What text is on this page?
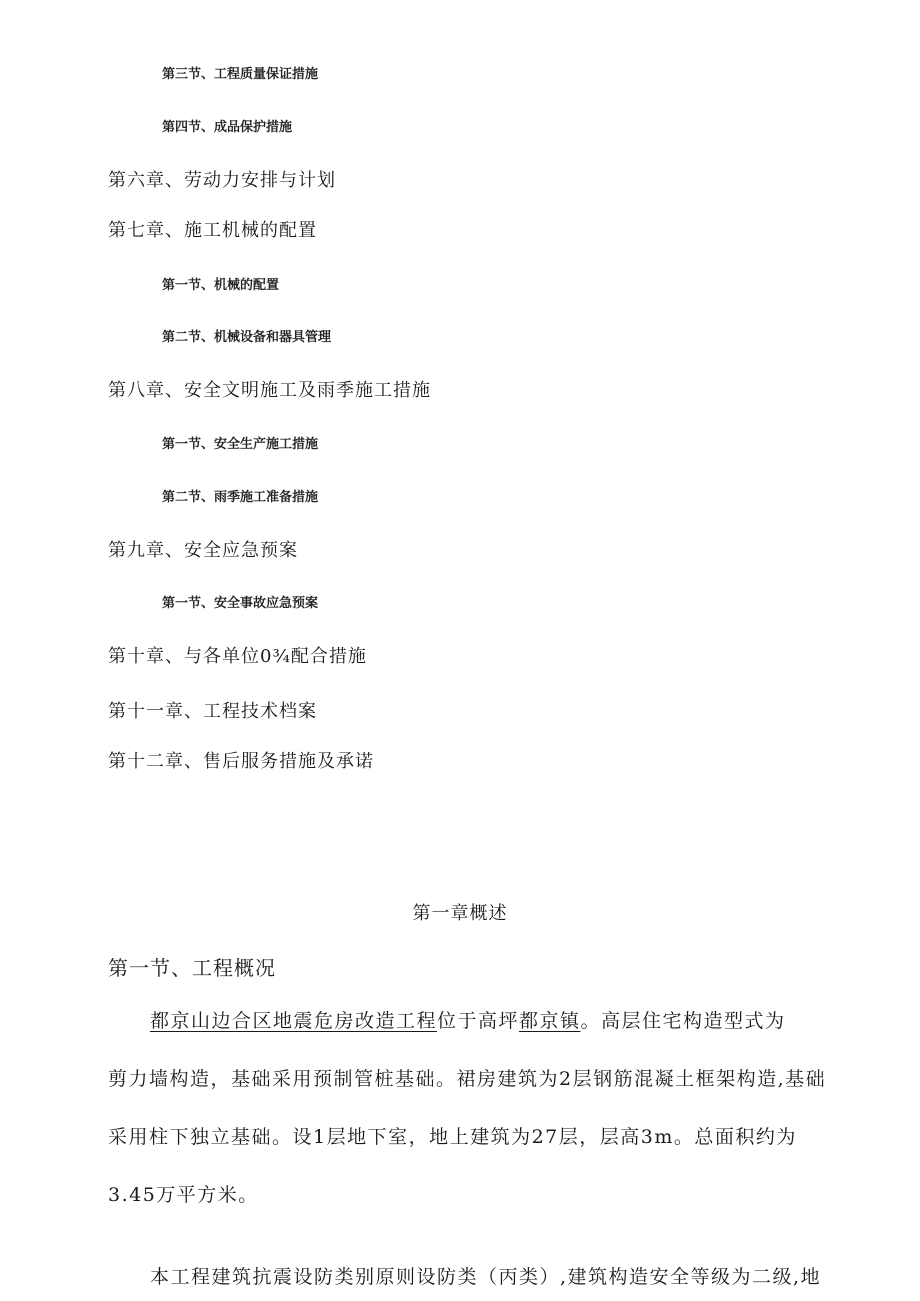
第三节、工程质量保证措施
第四节、成品保护措施
第六章、劳动力安排与计划
第七章、施工机械的配置
第一节、机械的配置
第二节、机械设备和器具管理
第八章、安全文明施工及雨季施工措施
第一节、安全生产施工措施
第二节、雨季施工准备措施
第九章、安全应急预案
第一节、安全事故应急预案
第十章、与各单位0¾配合措施
第十一章、工程技术档案
第十二章、售后服务措施及承诺
第一章概述
第一节、工程概况
都京山边合区地震危房改造工程位于高坪都京镇。高层住宅构造型式为
剪力墙构造，基础采用预制管桩基础。裙房建筑为2层钢筋混凝土框架构造,基础
采用柱下独立基础。设1层地下室，地上建筑为27层，层高3m。总面积约为
3.45万平方米。
本工程建筑抗震设防类别原则设防类（丙类）,建筑构造安全等级为二级,地
